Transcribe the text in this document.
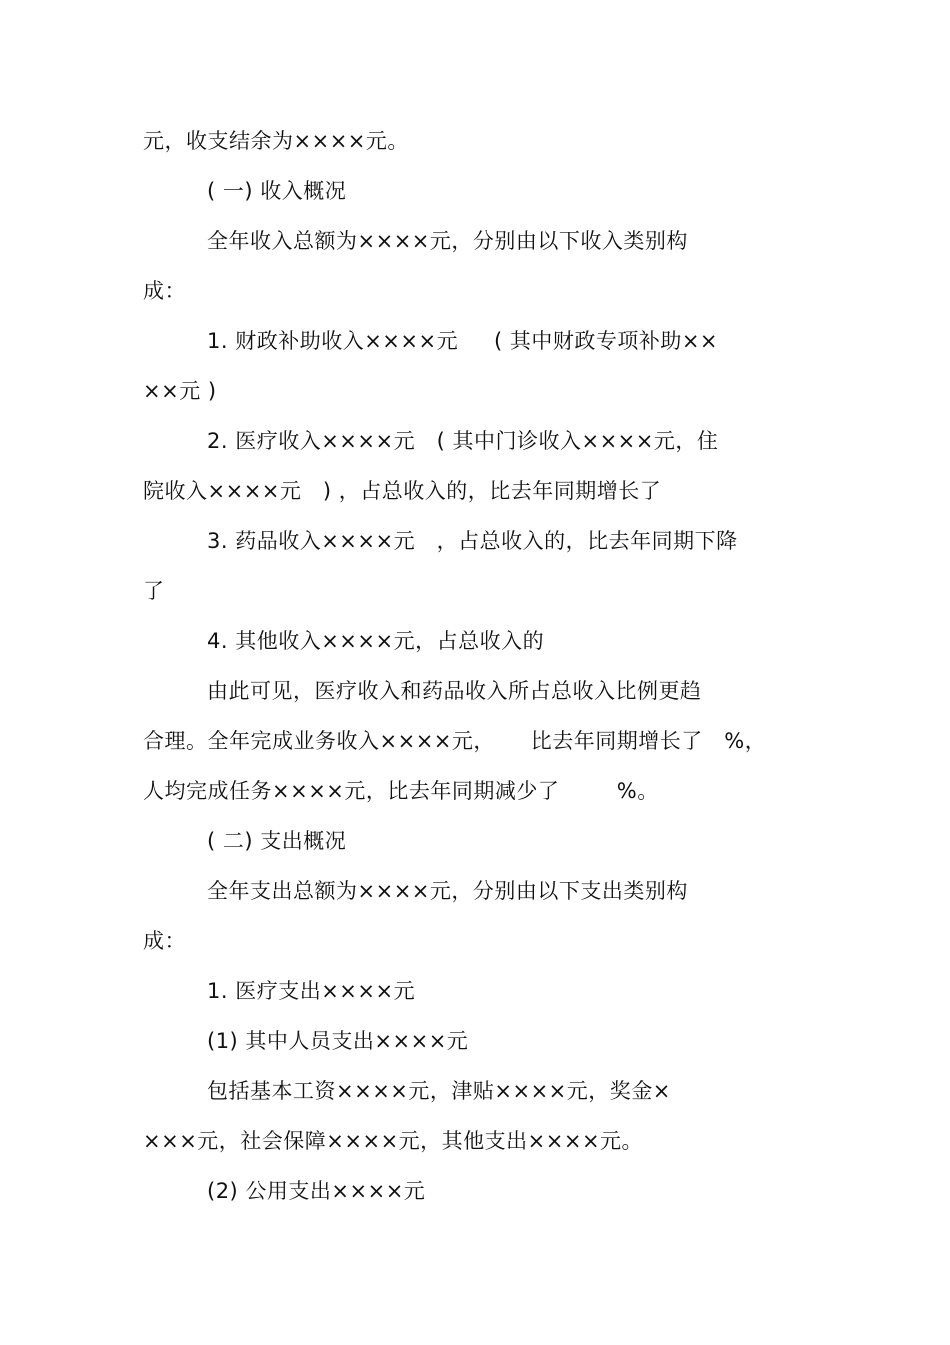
元，收支结余为××××元。
( 一) 收入概况
全年收入总额为××××元，分别由以下收入类别构
成：
1. 财政补助收入××××元     ( 其中财政专项补助××
××元 )
2. 医疗收入××××元   ( 其中门诊收入××××元，住
院收入××××元   ) ，占总收入的，比去年同期增长了
3. 药品收入××××元   ，占总收入的，比去年同期下降
了
4. 其他收入××××元，占总收入的
由此可见，医疗收入和药品收入所占总收入比例更趋
合理。全年完成业务收入××××元，     比去年同期增长了   %，
人均完成任务××××元，比去年同期减少了        %。
( 二) 支出概况
全年支出总额为××××元，分别由以下支出类别构
成：
1. 医疗支出××××元
(1) 其中人员支出××××元
包括基本工资××××元，津贴××××元，奖金×
×××元，社会保障××××元，其他支出××××元。
(2) 公用支出××××元
